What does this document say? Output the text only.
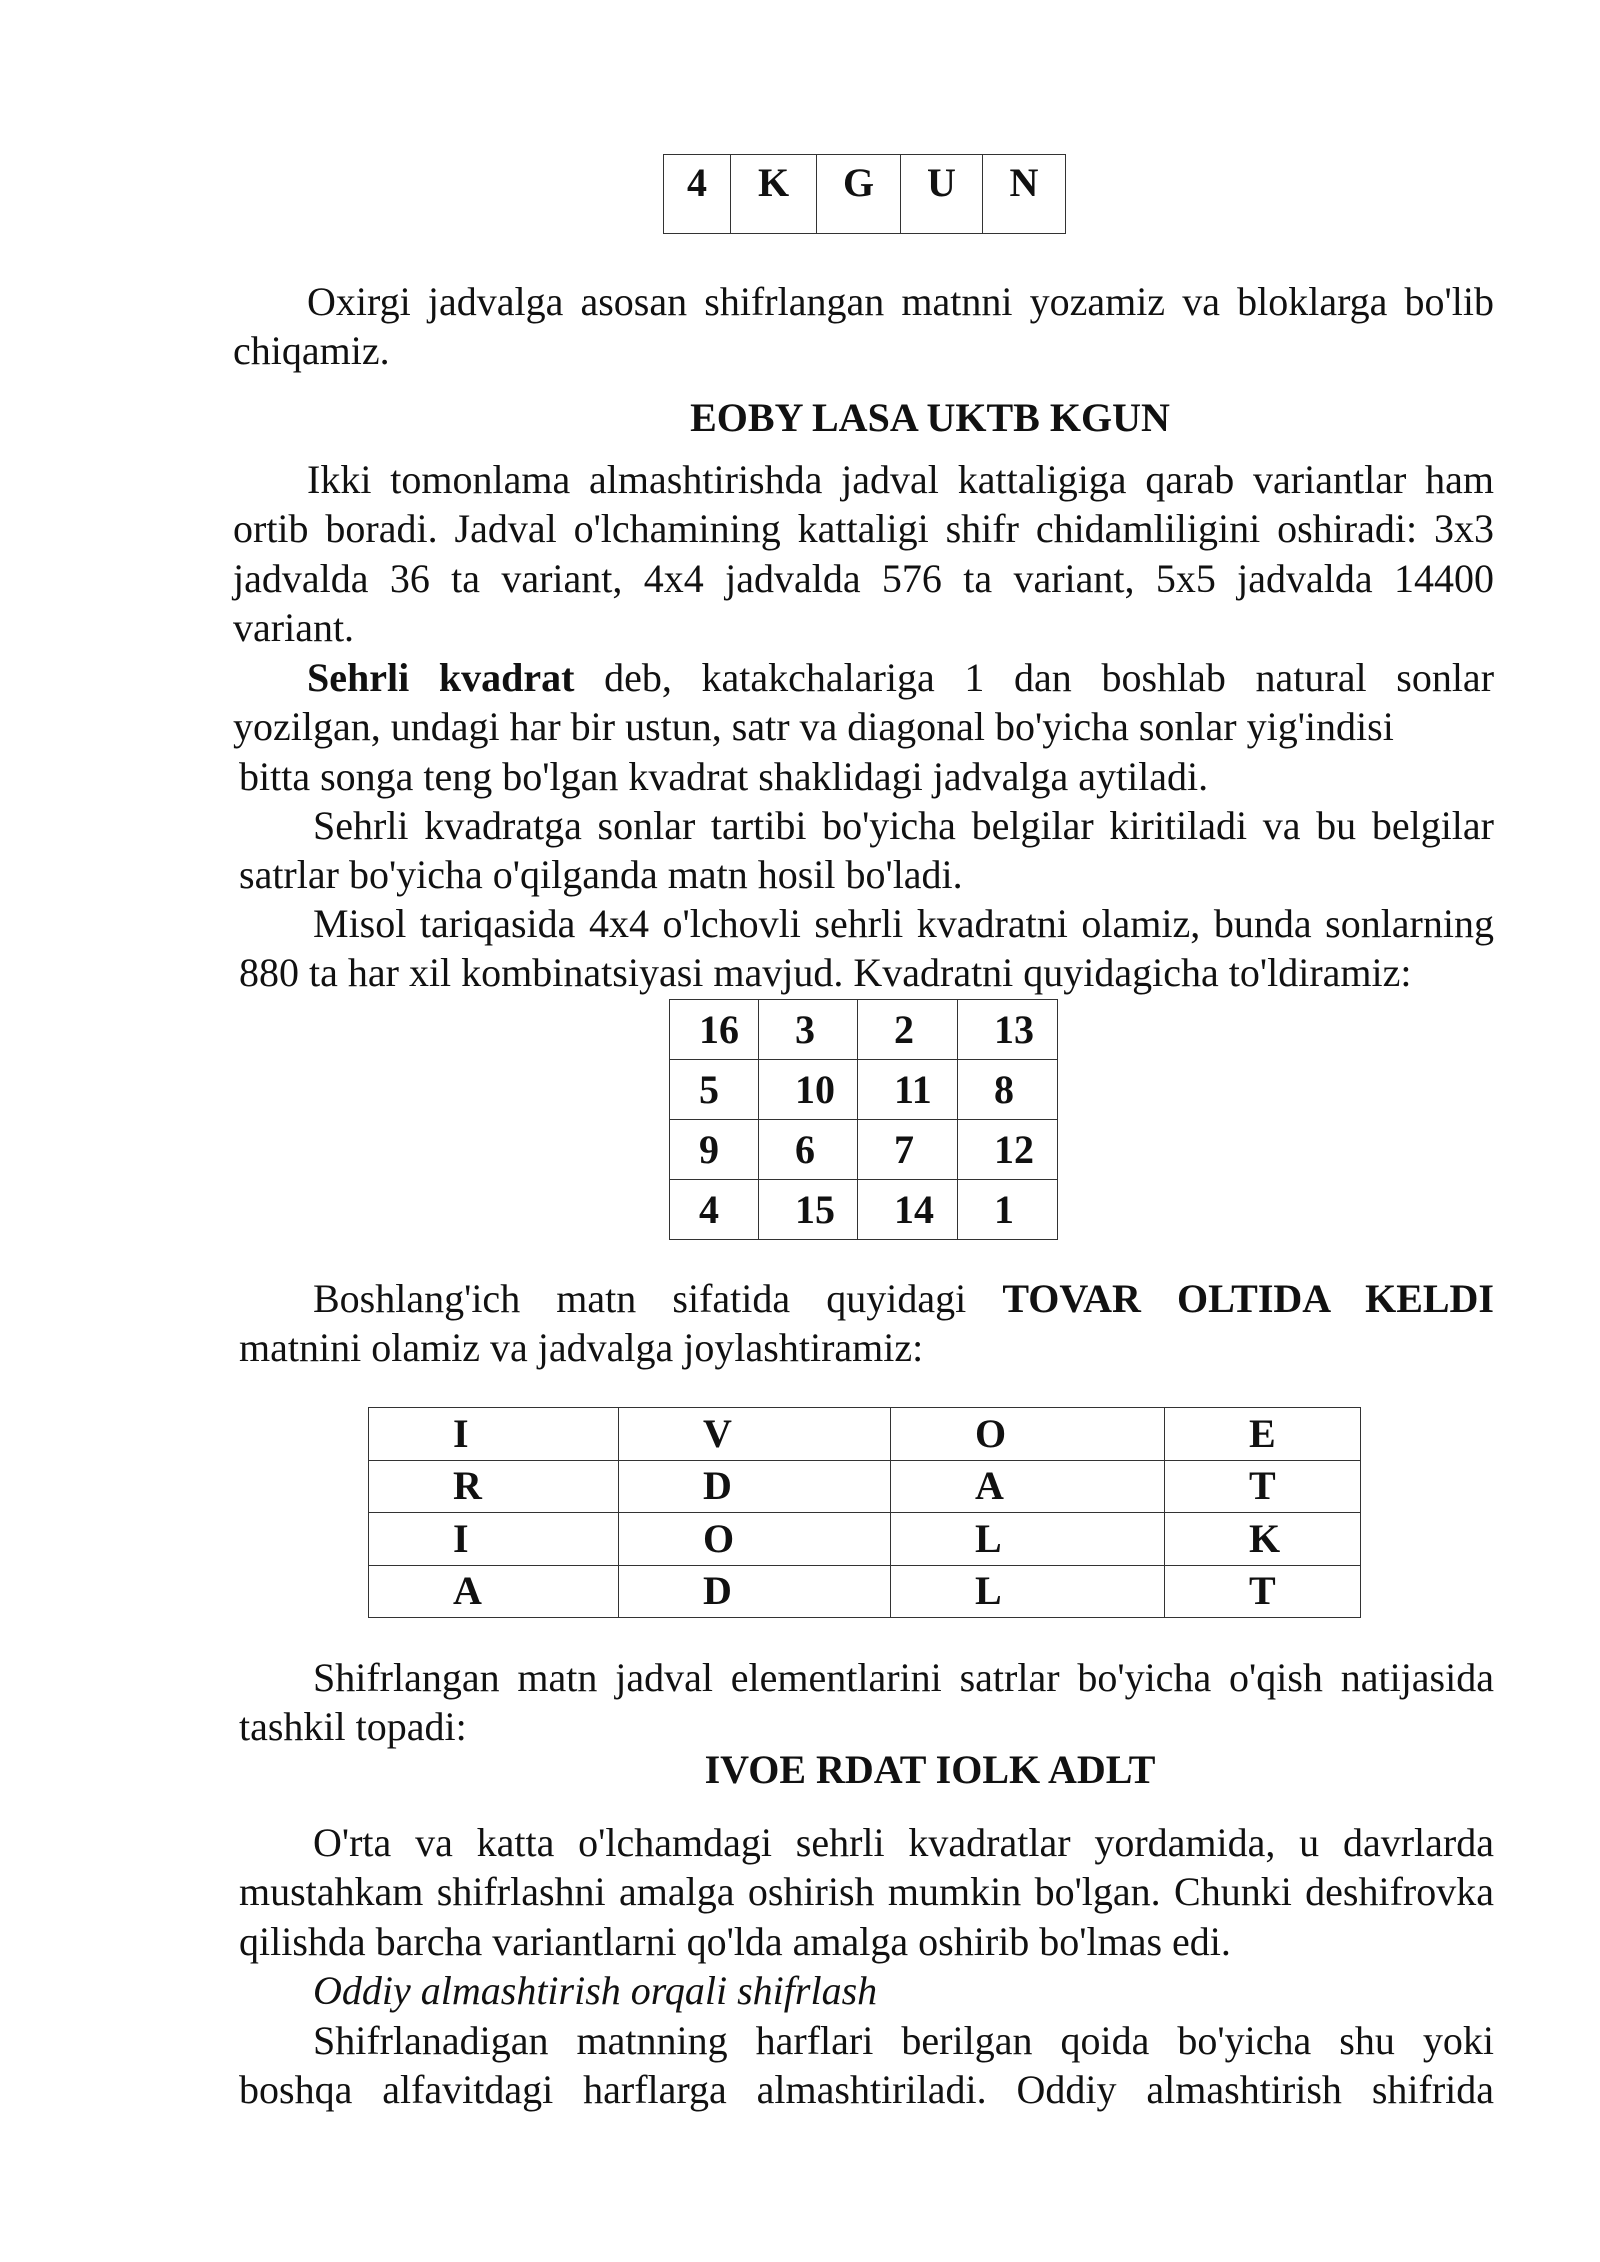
4	K	G	U	N
Oxirgi jadvalga asosan shifrlangan matnni yozamiz va bloklarga bo'lib
chiqamiz.
EOBY LASA UKTB KGUN
Ikki tomonlama almashtirishda jadval kattaligiga qarab variantlar ham
ortib boradi. Jadval o'lchamining kattaligi shifr chidamliligini oshiradi: 3x3
jadvalda 36 ta variant, 4x4 jadvalda 576 ta variant, 5x5 jadvalda 14400
variant.
Sehrli kvadrat deb, katakchalariga 1 dan boshlab natural sonlar
yozilgan, undagi har bir ustun, satr va diagonal bo'yicha sonlar yig'indisi
bitta songa teng bo'lgan kvadrat shaklidagi jadvalga aytiladi.
Sehrli kvadratga sonlar tartibi bo'yicha belgilar kiritiladi va bu belgilar
satrlar bo'yicha o'qilganda matn hosil bo'ladi.
Misol tariqasida 4x4 o'lchovli sehrli kvadratni olamiz, bunda sonlarning
880 ta har xil kombinatsiyasi mavjud. Kvadratni quyidagicha to'ldiramiz:
16	3	2	13
5	10	11	8
9	6	7	12
4	15	14	1
Boshlang'ich matn sifatida quyidagi TOVAR OLTIDA KELDI
matnini olamiz va jadvalga joylashtiramiz:
I	V	O	E
R	D	A	T
I	O	L	K
A	D	L	T
Shifrlangan matn jadval elementlarini satrlar bo'yicha o'qish natijasida
tashkil topadi:
IVOE RDAT IOLK ADLT
O'rta va katta o'lchamdagi sehrli kvadratlar yordamida, u davrlarda
mustahkam shifrlashni amalga oshirish mumkin bo'lgan. Chunki deshifrovka
qilishda barcha variantlarni qo'lda amalga oshirib bo'lmas edi.
Oddiy almashtirish orqali shifrlash
Shifrlanadigan matnning harflari berilgan qoida bo'yicha shu yoki
boshqa alfavitdagi harflarga almashtiriladi. Oddiy almashtirish shifrida
